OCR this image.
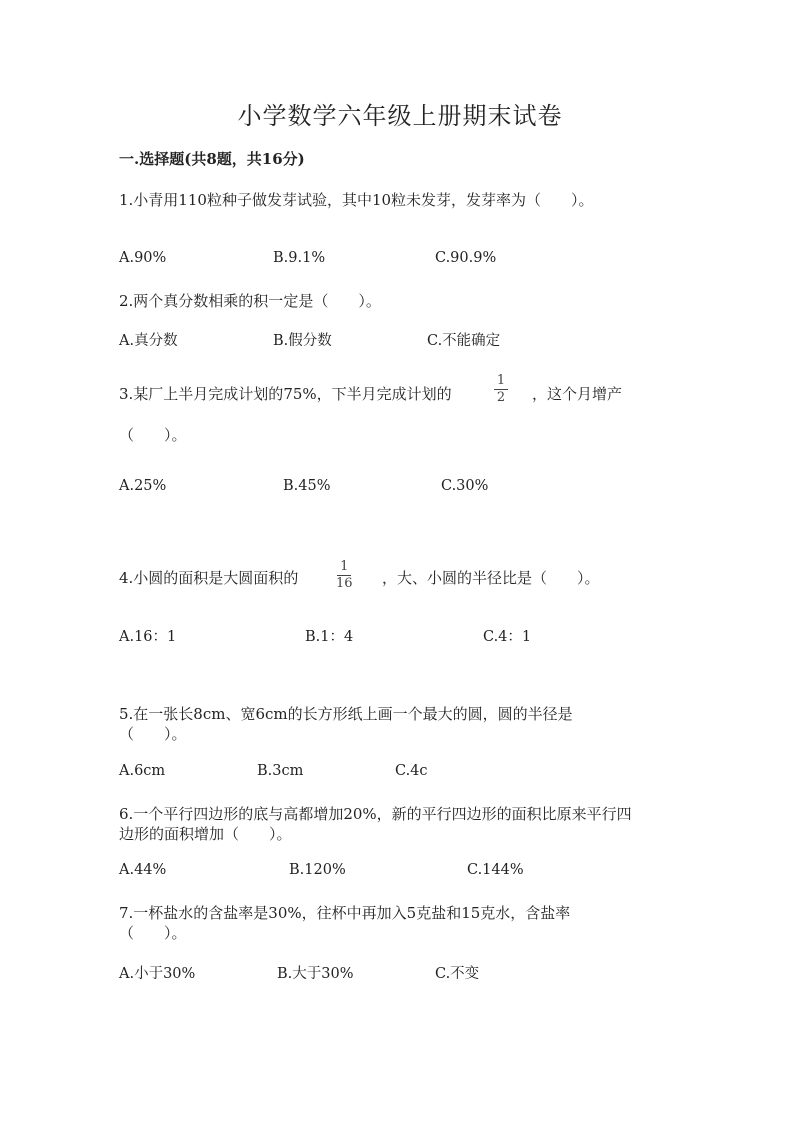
小学数学六年级上册期末试卷
一.选择题(共8题，共16分)
1.小青用110粒种子做发芽试验，其中10粒未发芽，发芽率为（　　）。
A.90%	B.9.1%	C.90.9%
2.两个真分数相乘的积一定是（　　）。
A.真分数	B.假分数	C.不能确定
3.某厂上半月完成计划的75%，下半月完成计划的
1
2 ，这个月增产
（　　）。
A.25%	B.45%	C.30%
4.小圆的面积是大圆面积的
1
16 ，大、小圆的半径比是（　　）。
A.16：1	B.1：4	C.4：1
5.在一张长8cm、宽6cm的长方形纸上画一个最大的圆，圆的半径是
（　　）。
A.6cm	B.3cm	C.4c
6.一个平行四边形的底与高都增加20%，新的平行四边形的面积比原来平行四
边形的面积增加（　　）。
A.44%	B.120%	C.144%
7.一杯盐水的含盐率是30%，往杯中再加入5克盐和15克水，含盐率
（　　）。
A.小于30%	B.大于30%	C.不变
